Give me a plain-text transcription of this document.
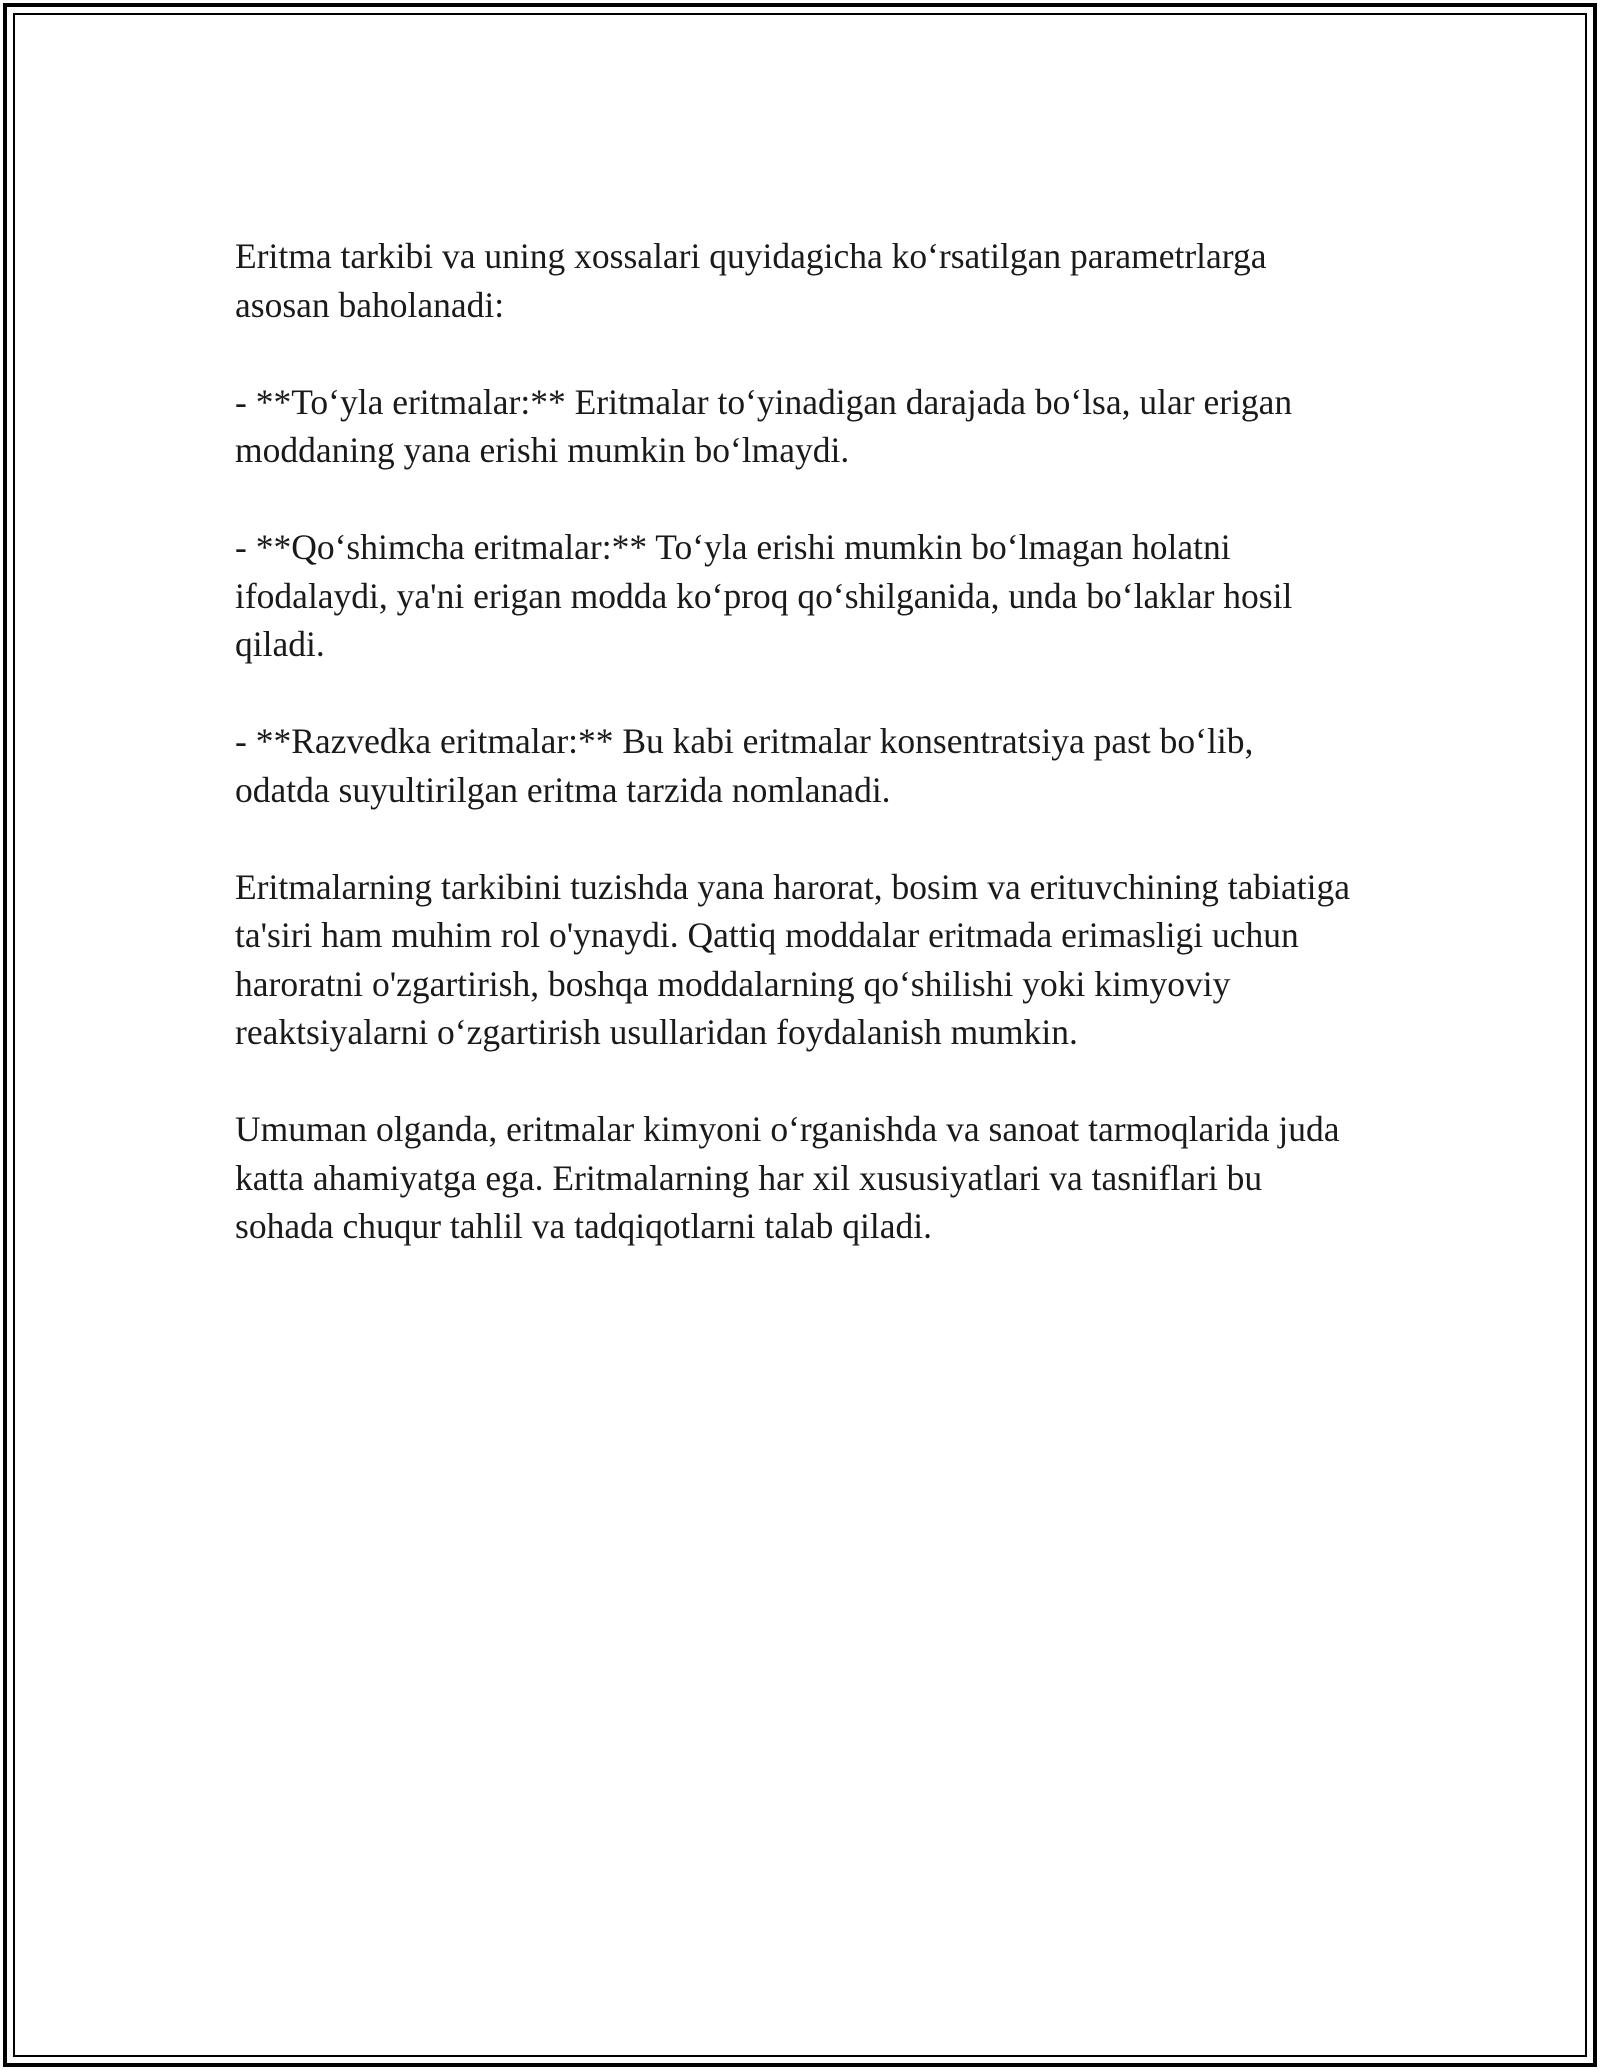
Eritma tarkibi va uning xossalari quyidagicha ko‘rsatilgan parametrlarga asosan baholanadi:

- **To‘yla eritmalar:** Eritmalar to‘yinadigan darajada bo‘lsa, ular erigan moddaning yana erishi mumkin bo‘lmaydi.

- **Qo‘shimcha eritmalar:** To‘yla erishi mumkin bo‘lmagan holatni ifodalaydi, ya'ni erigan modda ko‘proq qo‘shilganida, unda bo‘laklar hosil qiladi.

- **Razvedka eritmalar:** Bu kabi eritmalar konsentratsiya past bo‘lib, odatda suyultirilgan eritma tarzida nomlanadi.

Eritmalarning tarkibini tuzishda yana harorat, bosim va erituvchining tabiatiga ta'siri ham muhim rol o'ynaydi. Qattiq moddalar eritmada erimasligi uchun haroratni o'zgartirish, boshqa moddalarning qo‘shilishi yoki kimyoviy reaktsiyalarni o‘zgartirish usullaridan foydalanish mumkin.

Umuman olganda, eritmalar kimyoni o‘rganishda va sanoat tarmoqlarida juda katta ahamiyatga ega. Eritmalarning har xil xususiyatlari va tasniflari bu sohada chuqur tahlil va tadqiqotlarni talab qiladi.
